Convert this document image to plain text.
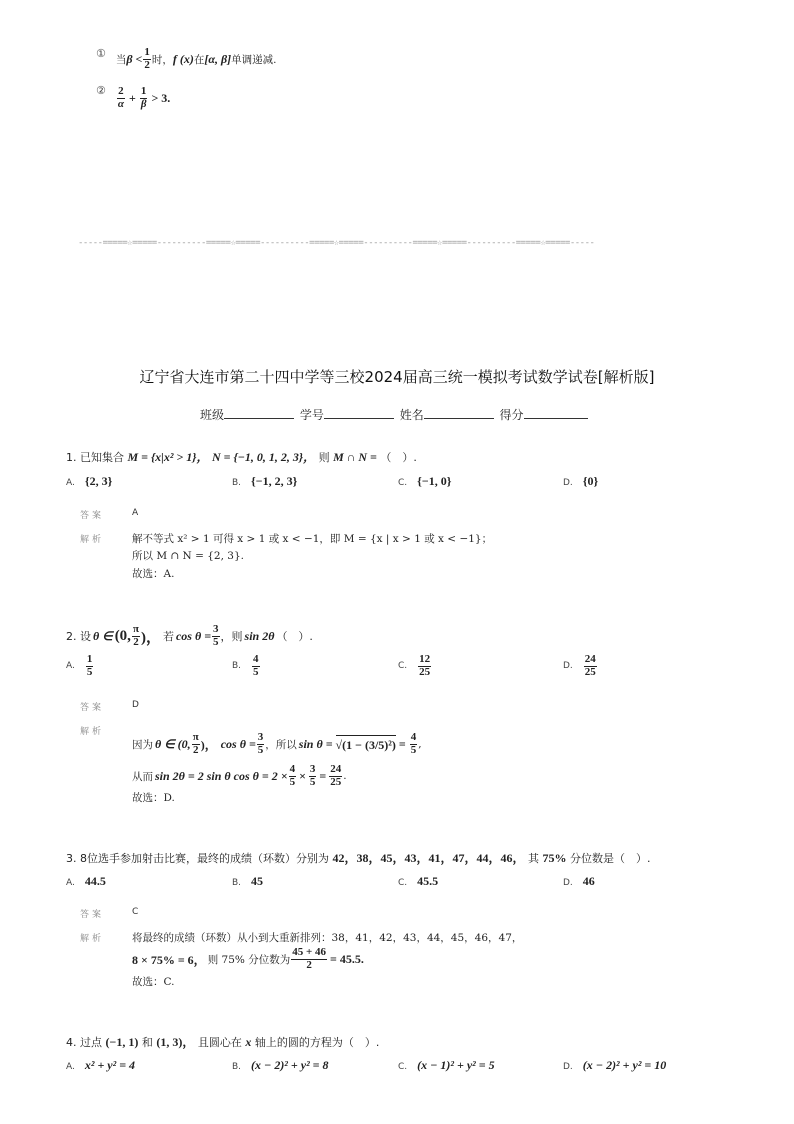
① 当 $\beta < \frac{1}{2}$ 时， f (x) 在 [α, β] 单调递减.
② $\frac{2}{\alpha} + \frac{1}{\beta} > 3$.
-----=====☆=====----------=====☆=====----------=====☆=====----------=====☆=====----------=====☆=====-----
辽宁省大连市第二十四中学等三校2024届高三统一模拟考试数学试卷[解析版]
班级	学号	姓名	得分
1. 已知集合 M = {x|x² > 1}， N = {−1, 0, 1, 2, 3}， 则 M ∩ N = （　）.
A. {2, 3}	B. {−1, 2, 3}	C. {−1, 0}	D. {0}
答案	A
解析	解不等式 x² > 1 可得 x > 1 或 x < −1，即 M = {x | x > 1 或 x < −1}；
所以 M ∩ N = {2, 3}.
故选：A.
2. 设 θ ∈ (0, $\frac{\pi}{2}$ )， 若 $\cos \theta = \frac{3}{5}$ ，则 sin 2θ （　）.
A. $\frac{1}{5}$	B. $\frac{4}{5}$	C. $\frac{12}{25}$	D. $\frac{24}{25}$
答案	D
解析
因为 θ ∈ (0, $\frac{\pi}{2}$ )， $\cos \theta = \frac{3}{5}$ ，所以 $\sin \theta = √(1 - (3/5)^2) = \frac{4}{5}$ ,
从而 sin 2θ = 2 sin θ $\cos \theta = 2 \times \frac{4}{5} \times \frac{3}{5} = \frac{24}{25}$ .
故选：D.
3. 8位选手参加射击比赛，最终的成绩（环数）分别为 42，38，45，43，41，47，44，46， 其 75% 分位数是（　）.
A. 44.5	B. 45	C. 45.5	D. 46
答案	C
解析	将最终的成绩（环数）从小到大重新排列：38，41，42，43，44，45，46，47，
8 × 75% = 6， 则 75% 分位数为 $\frac{45 + 46}{2} = 45.5$.
故选：C.
4. 过点 (−1, 1) 和 (1, 3)， 且圆心在 x 轴上的圆的方程为（　）.
A. x² + y² = 4	B. (x − 2)² + y² = 8	C. (x − 1)² + y² = 5	D. (x − 2)² + y² = 10
